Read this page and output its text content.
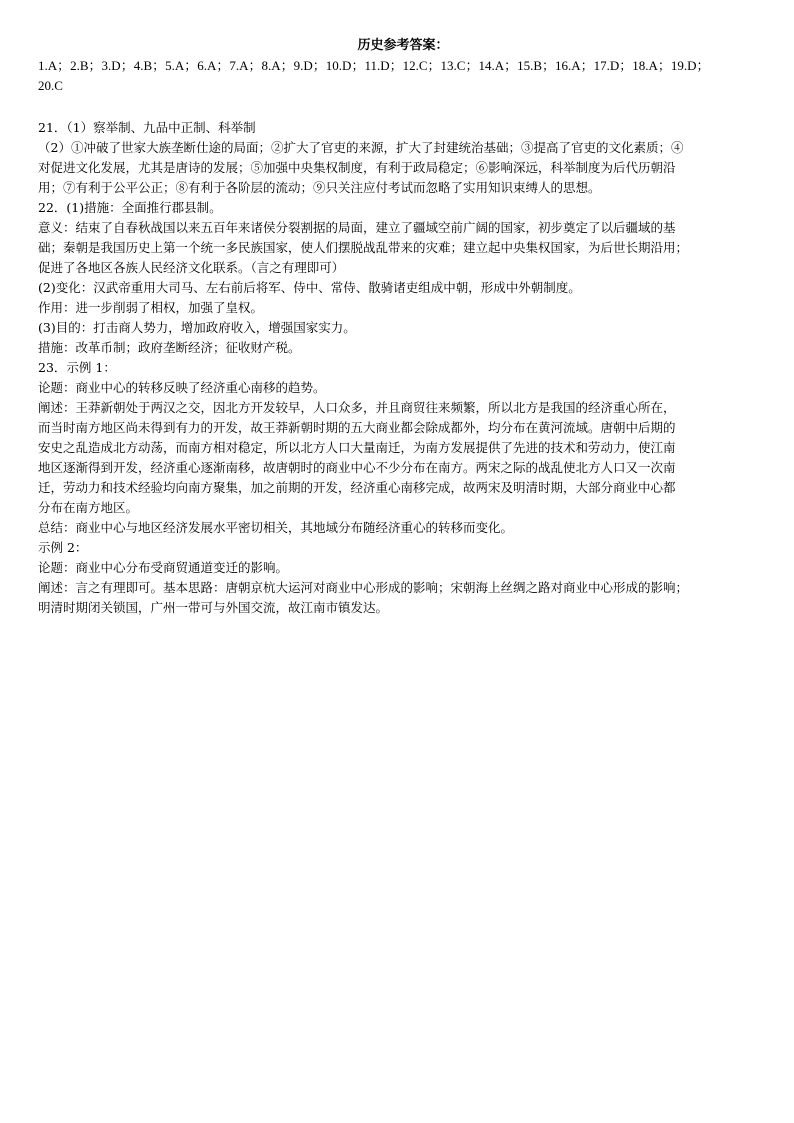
历史参考答案：
1.A；2.B；3.D；4.B；5.A；6.A；7.A；8.A；9.D；10.D；11.D；12.C；13.C；14.A；15.B；16.A；17.D；18.A；19.D；
20.C
21．（1）察举制、九品中正制、科举制
（2）①冲破了世家大族垄断仕途的局面；②扩大了官吏的来源，扩大了封建统治基础；③提高了官吏的文化素质；④
对促进文化发展，尤其是唐诗的发展；⑤加强中央集权制度，有利于政局稳定；⑥影响深远，科举制度为后代历朝沿
用；⑦有利于公平公正；⑧有利于各阶层的流动；⑨只关注应付考试而忽略了实用知识束缚人的思想。
22．(1)措施：全面推行郡县制。
意义：结束了自春秋战国以来五百年来诸侯分裂割据的局面，建立了疆域空前广阔的国家，初步奠定了以后疆域的基
础；秦朝是我国历史上第一个统一多民族国家，使人们摆脱战乱带来的灾难；建立起中央集权国家，为后世长期沿用；
促进了各地区各族人民经济文化联系。（言之有理即可）
(2)变化：汉武帝重用大司马、左右前后将军、侍中、常侍、散骑诸吏组成中朝，形成中外朝制度。
作用：进一步削弱了相权，加强了皇权。
(3)目的：打击商人势力，增加政府收入，增强国家实力。
措施：改革币制；政府垄断经济；征收财产税。
23．示例 1：
论题：商业中心的转移反映了经济重心南移的趋势。
阐述：王莽新朝处于两汉之交，因北方开发较早，人口众多，并且商贸往来频繁，所以北方是我国的经济重心所在，
而当时南方地区尚未得到有力的开发，故王莽新朝时期的五大商业都会除成都外，均分布在黄河流域。唐朝中后期的
安史之乱造成北方动荡，而南方相对稳定，所以北方人口大量南迁，为南方发展提供了先进的技术和劳动力，使江南
地区逐渐得到开发，经济重心逐渐南移，故唐朝时的商业中心不少分布在南方。两宋之际的战乱使北方人口又一次南
迁，劳动力和技术经验均向南方聚集，加之前期的开发，经济重心南移完成，故两宋及明清时期，大部分商业中心都
分布在南方地区。
总结：商业中心与地区经济发展水平密切相关，其地域分布随经济重心的转移而变化。
示例 2：
论题：商业中心分布受商贸通道变迁的影响。
阐述：言之有理即可。基本思路：唐朝京杭大运河对商业中心形成的影响；宋朝海上丝绸之路对商业中心形成的影响；
明清时期闭关锁国，广州一带可与外国交流，故江南市镇发达。
